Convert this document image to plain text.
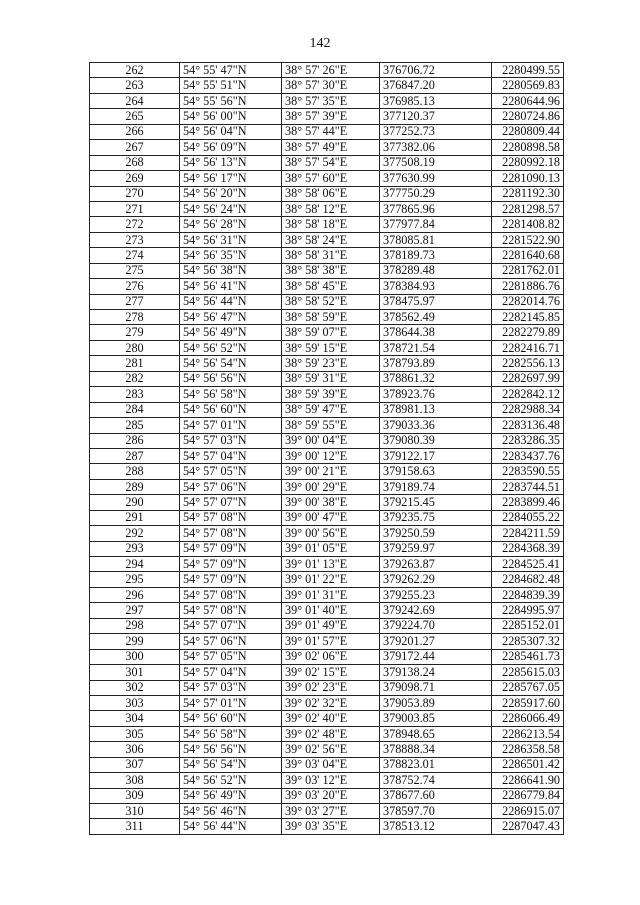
142
262	54° 55' 47"N	38° 57' 26"E	376706.72	2280499.55
263	54° 55' 51"N	38° 57' 30"E	376847.20	2280569.83
264	54° 55' 56"N	38° 57' 35"E	376985.13	2280644.96
265	54° 56' 00"N	38° 57' 39"E	377120.37	2280724.86
266	54° 56' 04"N	38° 57' 44"E	377252.73	2280809.44
267	54° 56' 09"N	38° 57' 49"E	377382.06	2280898.58
268	54° 56' 13"N	38° 57' 54"E	377508.19	2280992.18
269	54° 56' 17"N	38° 57' 60"E	377630.99	2281090.13
270	54° 56' 20"N	38° 58' 06"E	377750.29	2281192.30
271	54° 56' 24"N	38° 58' 12"E	377865.96	2281298.57
272	54° 56' 28"N	38° 58' 18"E	377977.84	2281408.82
273	54° 56' 31"N	38° 58' 24"E	378085.81	2281522.90
274	54° 56' 35"N	38° 58' 31"E	378189.73	2281640.68
275	54° 56' 38"N	38° 58' 38"E	378289.48	2281762.01
276	54° 56' 41"N	38° 58' 45"E	378384.93	2281886.76
277	54° 56' 44"N	38° 58' 52"E	378475.97	2282014.76
278	54° 56' 47"N	38° 58' 59"E	378562.49	2282145.85
279	54° 56' 49"N	38° 59' 07"E	378644.38	2282279.89
280	54° 56' 52"N	38° 59' 15"E	378721.54	2282416.71
281	54° 56' 54"N	38° 59' 23"E	378793.89	2282556.13
282	54° 56' 56"N	38° 59' 31"E	378861.32	2282697.99
283	54° 56' 58"N	38° 59' 39"E	378923.76	2282842.12
284	54° 56' 60"N	38° 59' 47"E	378981.13	2282988.34
285	54° 57' 01"N	38° 59' 55"E	379033.36	2283136.48
286	54° 57' 03"N	39° 00' 04"E	379080.39	2283286.35
287	54° 57' 04"N	39° 00' 12"E	379122.17	2283437.76
288	54° 57' 05"N	39° 00' 21"E	379158.63	2283590.55
289	54° 57' 06"N	39° 00' 29"E	379189.74	2283744.51
290	54° 57' 07"N	39° 00' 38"E	379215.45	2283899.46
291	54° 57' 08"N	39° 00' 47"E	379235.75	2284055.22
292	54° 57' 08"N	39° 00' 56"E	379250.59	2284211.59
293	54° 57' 09"N	39° 01' 05"E	379259.97	2284368.39
294	54° 57' 09"N	39° 01' 13"E	379263.87	2284525.41
295	54° 57' 09"N	39° 01' 22"E	379262.29	2284682.48
296	54° 57' 08"N	39° 01' 31"E	379255.23	2284839.39
297	54° 57' 08"N	39° 01' 40"E	379242.69	2284995.97
298	54° 57' 07"N	39° 01' 49"E	379224.70	2285152.01
299	54° 57' 06"N	39° 01' 57"E	379201.27	2285307.32
300	54° 57' 05"N	39° 02' 06"E	379172.44	2285461.73
301	54° 57' 04"N	39° 02' 15"E	379138.24	2285615.03
302	54° 57' 03"N	39° 02' 23"E	379098.71	2285767.05
303	54° 57' 01"N	39° 02' 32"E	379053.89	2285917.60
304	54° 56' 60"N	39° 02' 40"E	379003.85	2286066.49
305	54° 56' 58"N	39° 02' 48"E	378948.65	2286213.54
306	54° 56' 56"N	39° 02' 56"E	378888.34	2286358.58
307	54° 56' 54"N	39° 03' 04"E	378823.01	2286501.42
308	54° 56' 52"N	39° 03' 12"E	378752.74	2286641.90
309	54° 56' 49"N	39° 03' 20"E	378677.60	2286779.84
310	54° 56' 46"N	39° 03' 27"E	378597.70	2286915.07
311	54° 56' 44"N	39° 03' 35"E	378513.12	2287047.43
